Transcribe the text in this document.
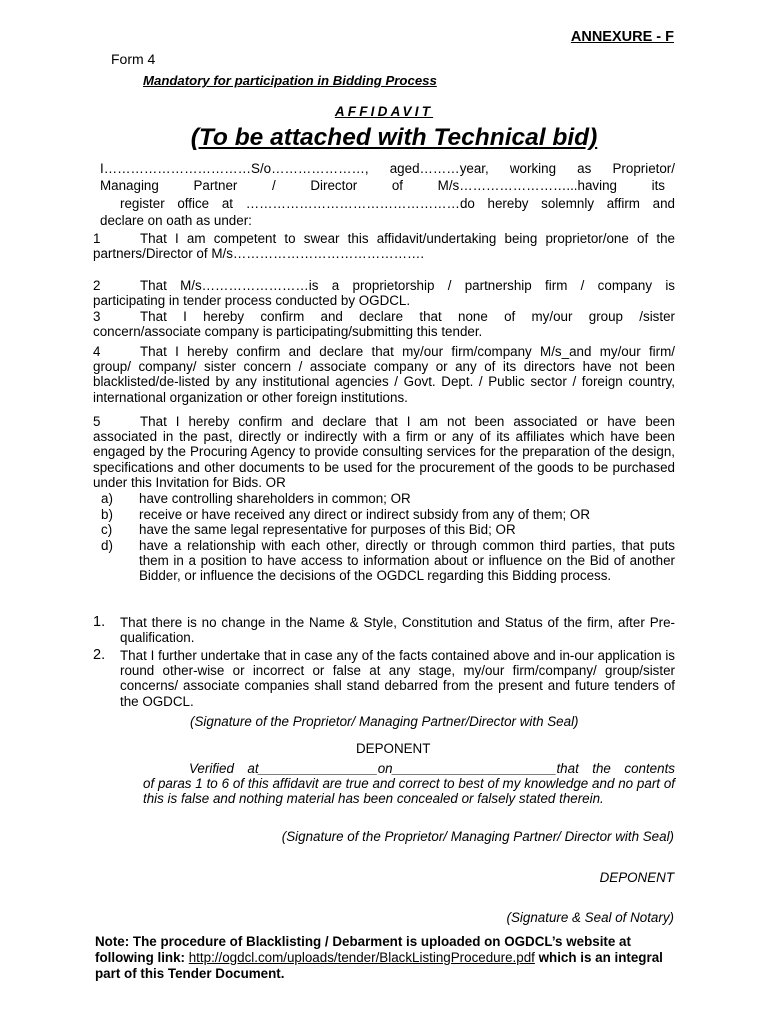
ANNEXURE - F
Form 4
Mandatory for participation in Bidding Process
AFFIDAVIT
(To be attached with Technical bid)
I……………………………S/o…………………, aged………year, working as Proprietor/
Managing Partner / Director of M/s……………………...having its
register office at …………………………………………do hereby solemnly affirm and
declare on oath as under:
1	That I am competent to swear this affidavit/undertaking being proprietor/one of the
partners/Director of M/s…………………………………….
2	That M/s……………………is a proprietorship / partnership firm / company is
participating in tender process conducted by OGDCL.
3	That I hereby confirm and declare that none of my/our group /sister
concern/associate company is participating/submitting this tender.
4	That I hereby confirm and declare that my/our firm/company M/s_and my/our firm/
group/ company/ sister concern / associate company or any of its directors have not been blacklisted/de-listed by any institutional agencies / Govt. Dept. / Public sector / foreign country, international organization or other foreign institutions.
5	That I hereby confirm and declare that I am not been associated or have been
associated in the past, directly or indirectly with a firm or any of its affiliates which have been engaged by the Procuring Agency to provide consulting services for the preparation of the design, specifications and other documents to be used for the procurement of the goods to be purchased under this Invitation for Bids. OR
a)	have controlling shareholders in common; OR
b)	receive or have received any direct or indirect subsidy from any of them; OR
c)	have the same legal representative for purposes of this Bid; OR
d)	have a relationship with each other, directly or through common third parties, that puts them in a position to have access to information about or influence on the Bid of another Bidder, or influence the decisions of the OGDCL regarding this Bidding process.
1.	That there is no change in the Name & Style, Constitution and Status of the firm, after Pre- qualification.
2.	That I further undertake that in case any of the facts contained above and in-our application is round other-wise or incorrect or false at any stage, my/our firm/company/ group/sister concerns/ associate companies shall stand debarred from the present and future tenders of the OGDCL.
(Signature of the Proprietor/ Managing Partner/Director with Seal)
DEPONENT
Verified at________________on______________________that the contents
of paras 1 to 6 of this affidavit are true and correct to best of my knowledge and no part of this is false and nothing material has been concealed or falsely stated therein.
(Signature of the Proprietor/ Managing Partner/ Director with Seal)
DEPONENT
(Signature & Seal of Notary)
Note: The procedure of Blacklisting / Debarment is uploaded on OGDCL’s website at following link: http://ogdcl.com/uploads/tender/BlackListingProcedure.pdf which is an integral part of this Tender Document.
